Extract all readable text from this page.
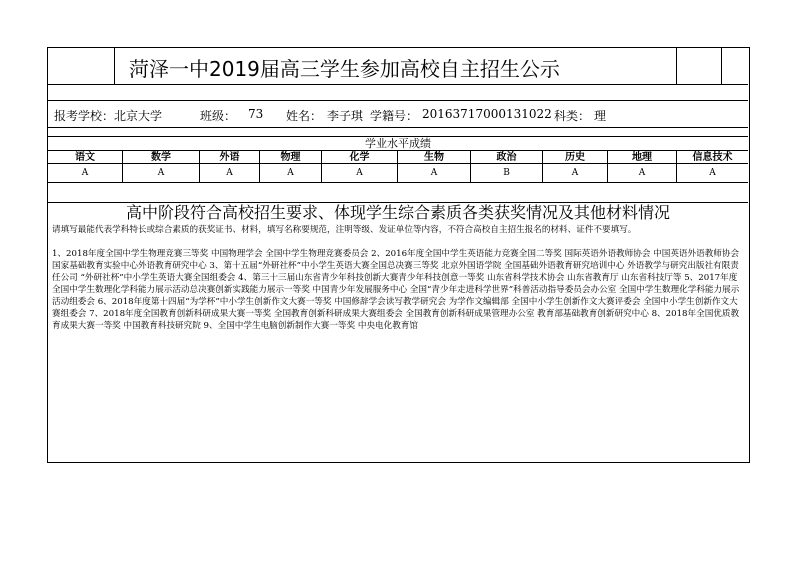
菏泽一中2019届高三学生参加高校自主招生公示
报考学校： 北京大学	班级： 73 姓名： 李子琪 学籍号： 20163717000131022 科类： 理
学业水平成绩
语文	数学	外语	物理	化学	生物	政治	历史	地理	信息技术
A	A	A	A	A	A	B	A	A	A
高中阶段符合高校招生要求、体现学生综合素质各类获奖情况及其他材料情况
请填写最能代表学科特长或综合素质的获奖证书、材料，填写名称要规范，注明等级、发证单位等内容，不符合高校自主招生报名的材料、证件不要填写。
1、2018年度全国中学生物理竞赛三等奖 中国物理学会 全国中学生物理竞赛委员会 2、2016年度全国中学生英语能力竞赛全国二等奖 国际英语外语教师协会 中国英语外语教师协会 国家基础教育实验中心外语教育研究中心 3、第十五届“外研社杯”中小学生英语大赛全国总决赛三等奖 北京外国语学院 全国基础外语教育研究培训中心 外语教学与研究出版社有限责任公司 “外研社杯”中小学生英语大赛全国组委会 4、第三十三届山东省青少年科技创新大赛青少年科技创意一等奖 山东省科学技术协会 山东省教育厅 山东省科技厅等 5、2017年度全国中学生数理化学科能力展示活动总决赛创新实践能力展示一等奖 中国青少年发展服务中心 全国“青少年走进科学世界”科普活动指导委员会办公室 全国中学生数理化学科能力展示活动组委会 6、2018年度第十四届“为学杯”中小学生创新作文大赛一等奖 中国修辞学会读写教学研究会 为学作文编辑部 全国中小学生创新作文大赛评委会 全国中小学生创新作文大赛组委会 7、2018年度全国教育创新科研成果大赛一等奖 全国教育创新科研成果大赛组委会 全国教育创新科研成果管理办公室 教育部基础教育创新研究中心 8、2018年全国优质教育成果大赛一等奖 中国教育科技研究院 9、全国中学生电脑创新制作大赛一等奖 中央电化教育馆
